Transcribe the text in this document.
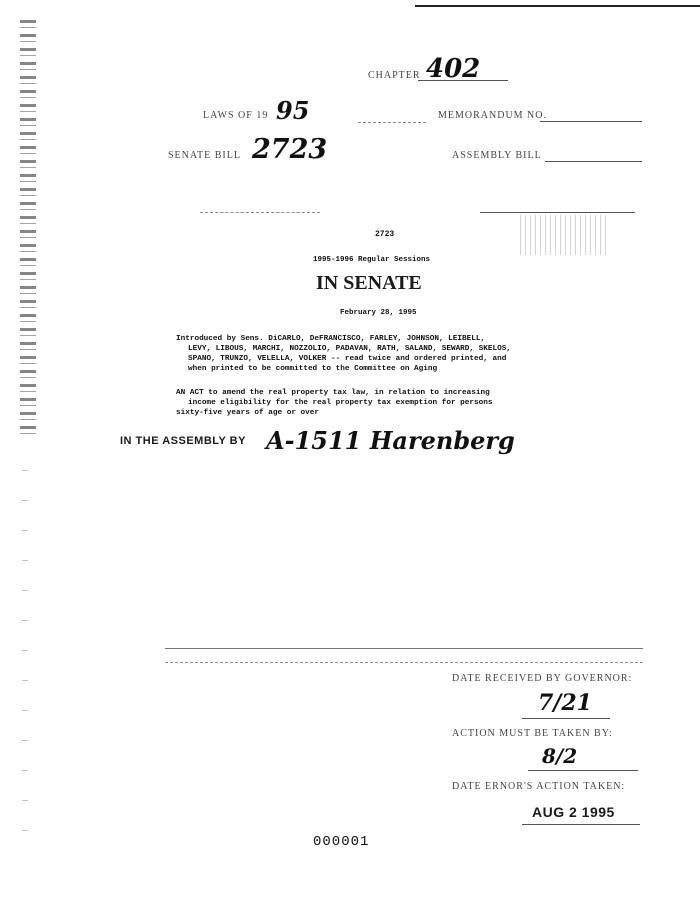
CHAPTER 402
LAWS OF 19 95	MEMORANDUM NO.
SENATE BILL 2723	ASSEMBLY BILL
2723
1995-1996 Regular Sessions
IN SENATE
February 28, 1995
Introduced by Sens. DiCARLO, DeFRANCISCO, FARLEY, JOHNSON, LEIBELL,
LEVY, LIBOUS, MARCHI, NOZZOLIO, PADAVAN, RATH, SALAND, SEWARD, SKELOS,
SPANO, TRUNZO, VELELLA, VOLKER -- read twice and ordered printed, and
when printed to be committed to the Committee on Aging
AN ACT to amend the real property tax law, in relation to increasing
income eligibility for the real property tax exemption for persons
sixty-five years of age or over
IN THE ASSEMBLY BY A-1511 Harenberg
DATE RECEIVED BY GOVERNOR:
7/21
ACTION MUST BE TAKEN BY:
8/2
DATE ERNOR'S ACTION TAKEN:
AUG 2 1995
000001
